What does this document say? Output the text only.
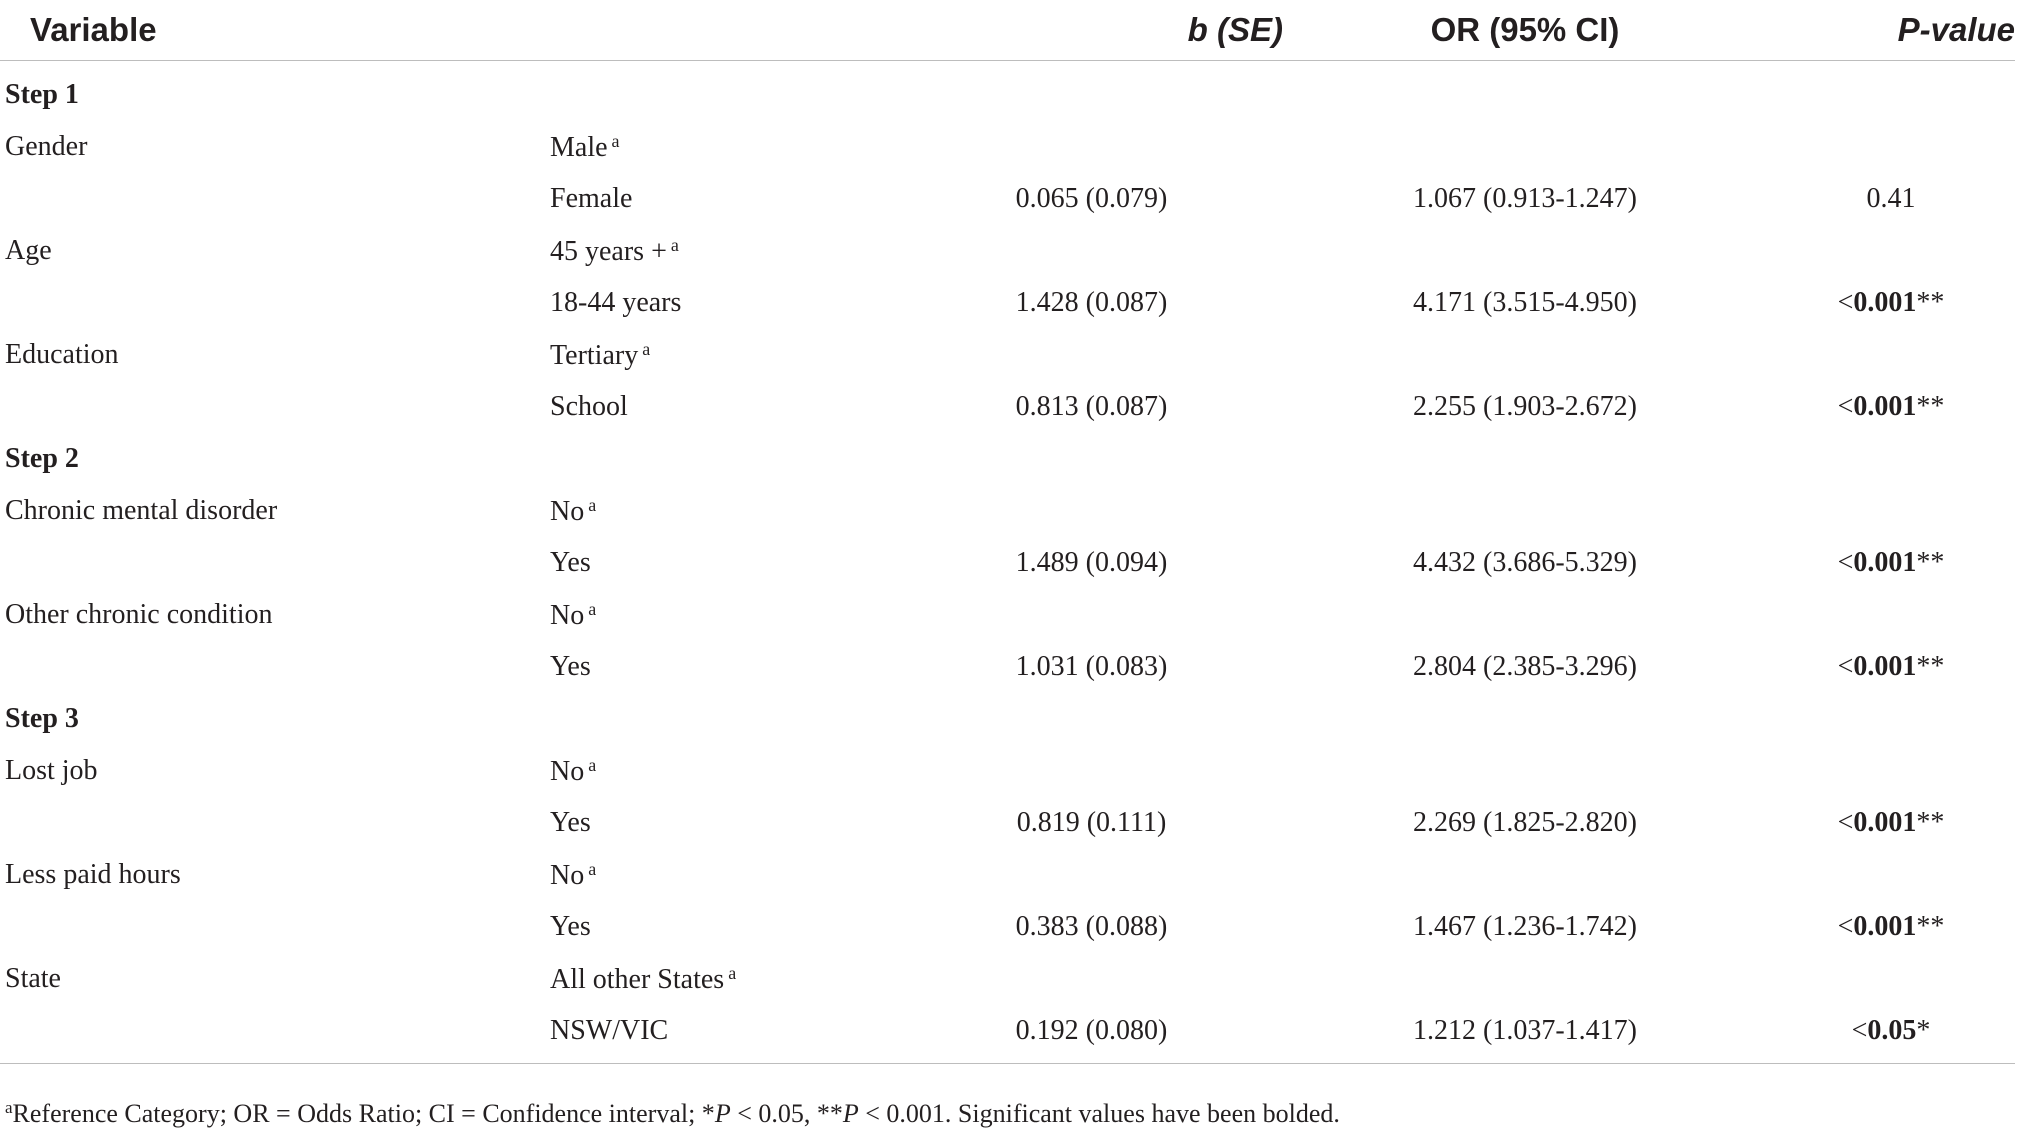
Variable		b (SE)	OR (95% CI)	P-value
Step 1				
Gender	Male $^a$			
	Female	0.065 (0.079)	1.067 (0.913-1.247)	0.41
Age	45 years + $^a$			
	18-44 years	1.428 (0.087)	4.171 (3.515-4.950)	<0.001**
Education	Tertiary $^a$			
	School	0.813 (0.087)	2.255 (1.903-2.672)	<0.001**
Step 2				
Chronic mental disorder	No $^a$			
	Yes	1.489 (0.094)	4.432 (3.686-5.329)	<0.001**
Other chronic condition	No $^a$			
	Yes	1.031 (0.083)	2.804 (2.385-3.296)	<0.001**
Step 3				
Lost job	No $^a$			
	Yes	0.819 (0.111)	2.269 (1.825-2.820)	<0.001**
Less paid hours	No $^a$			
	Yes	0.383 (0.088)	1.467 (1.236-1.742)	<0.001**
State	All other States $^a$			
	NSW/VIC	0.192 (0.080)	1.212 (1.037-1.417)	<0.05*
$^a$Reference Category; OR = Odds Ratio; CI = Confidence interval; *P < 0.05, **P < 0.001. Significant values have been bolded.
